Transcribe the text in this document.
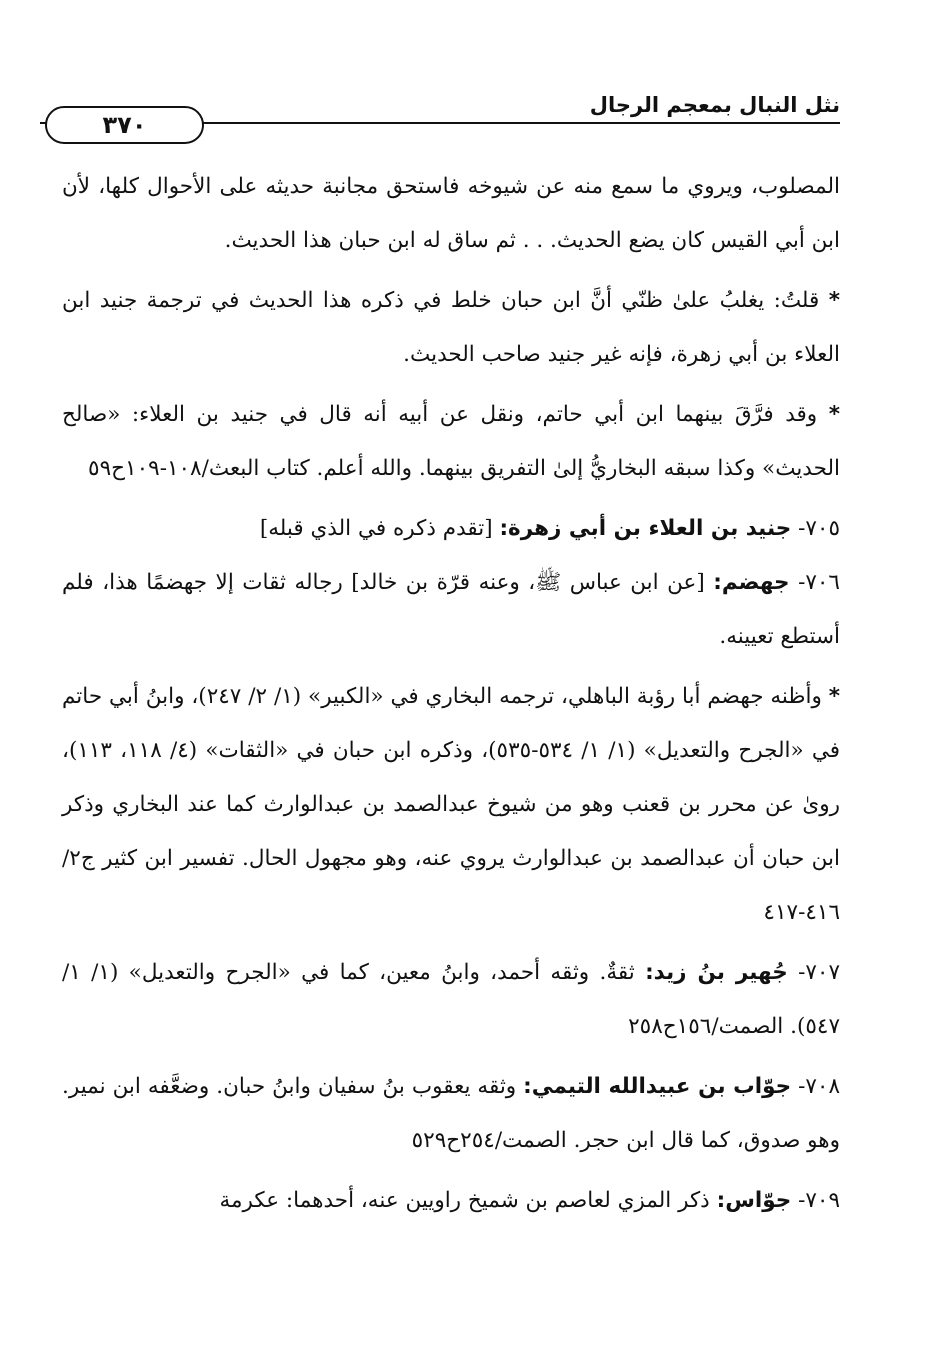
نثل النبال بمعجم الرجال
٣٧٠

المصلوب، ويروي ما سمع منه عن شيوخه فاستحق مجانبة حديثه على الأحوال كلها، لأن ابن أبي القيس كان يضع الحديث. . . ثم ساق له ابن حبان هذا الحديث.

* قلتُ: يغلبُ علىٰ ظنّي أنَّ ابن حبان خلط في ذكره هذا الحديث في ترجمة جنيد ابن العلاء بن أبي زهرة، فإنه غير جنيد صاحب الحديث.

* وقد فرَّقَ بينهما ابن أبي حاتم، ونقل عن أبيه أنه قال في جنيد بن العلاء: «صالح الحديث» وكذا سبقه البخاريُّ إلىٰ التفريق بينهما. والله أعلم. كتاب البعث/١٠٨-١٠٩ح٥٩

٧٠٥- جنيد بن العلاء بن أبي زهرة: [تقدم ذكره في الذي قبله]

٧٠٦- جهضم: [عن ابن عباس ﷺ، وعنه قرّة بن خالد] رجاله ثقات إلا جهضمًا هذا، فلم أستطع تعيينه.

* وأظنه جهضم أبا رؤبة الباهلي، ترجمه البخاري في «الكبير» (١/ ٢/ ٢٤٧)، وابنُ أبي حاتم في «الجرح والتعديل» (١/ ١/ ٥٣٤-٥٣٥)، وذكره ابن حبان في «الثقات» (٤/ ١١٨، ١١٣)، روىٰ عن محرر بن قعنب وهو من شيوخ عبدالصمد بن عبدالوارث كما عند البخاري وذكر ابن حبان أن عبدالصمد بن عبدالوارث يروي عنه، وهو مجهول الحال. تفسير ابن كثير ج٢/ ٤١٦-٤١٧

٧٠٧- جُهير بنُ زيد: ثقةٌ. وثقه أحمد، وابنُ معين، كما في «الجرح والتعديل» (١/ ١/ ٥٤٧). الصمت/١٥٦ح٢٥٨

٧٠٨- جوّاب بن عبيدالله التيمي: وثقه يعقوب بنُ سفيان وابنُ حبان. وضعَّفه ابن نمير. وهو صدوق، كما قال ابن حجر. الصمت/٢٥٤ح٥٢٩

٧٠٩- جوّاس: ذكر المزي لعاصم بن شميخ راويين عنه، أحدهما: عكرمة
